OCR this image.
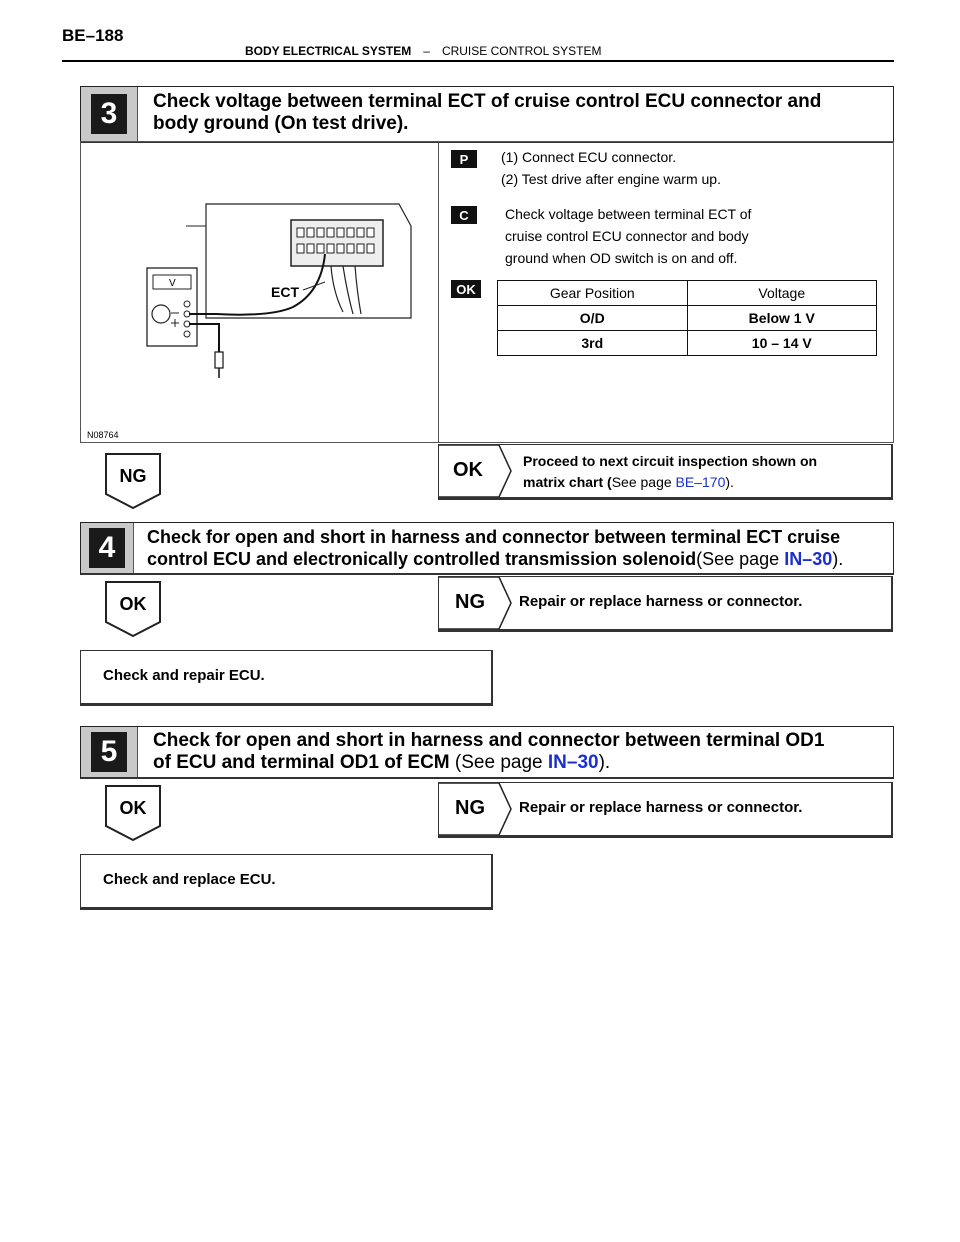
BE–188
BODY ELECTRICAL SYSTEM – CRUISE CONTROL SYSTEM
3	Check voltage between terminal ECT of cruise control ECU connector and
body ground (On test drive).
ECT
V
N08764
P	(1) Connect ECU connector.
(2) Test drive after engine warm up.
C	Check voltage between terminal ECT of
cruise control ECU connector and body
ground when OD switch is on and off.
OK	Gear Position	Voltage
O/D	Below 1 V
3rd	10 – 14 V
NG	OK	Proceed to next circuit inspection shown on
matrix chart (See page BE–170).
4	Check for open and short in harness and connector between terminal ECT cruise
control ECU and electronically controlled transmission solenoid(See page IN–30).
OK	NG Repair or replace harness or connector.
Check and repair ECU.
5	Check for open and short in harness and connector between terminal OD1
of ECU and terminal OD1 of ECM (See page IN–30).
OK	NG Repair or replace harness or connector.
Check and replace ECU.
